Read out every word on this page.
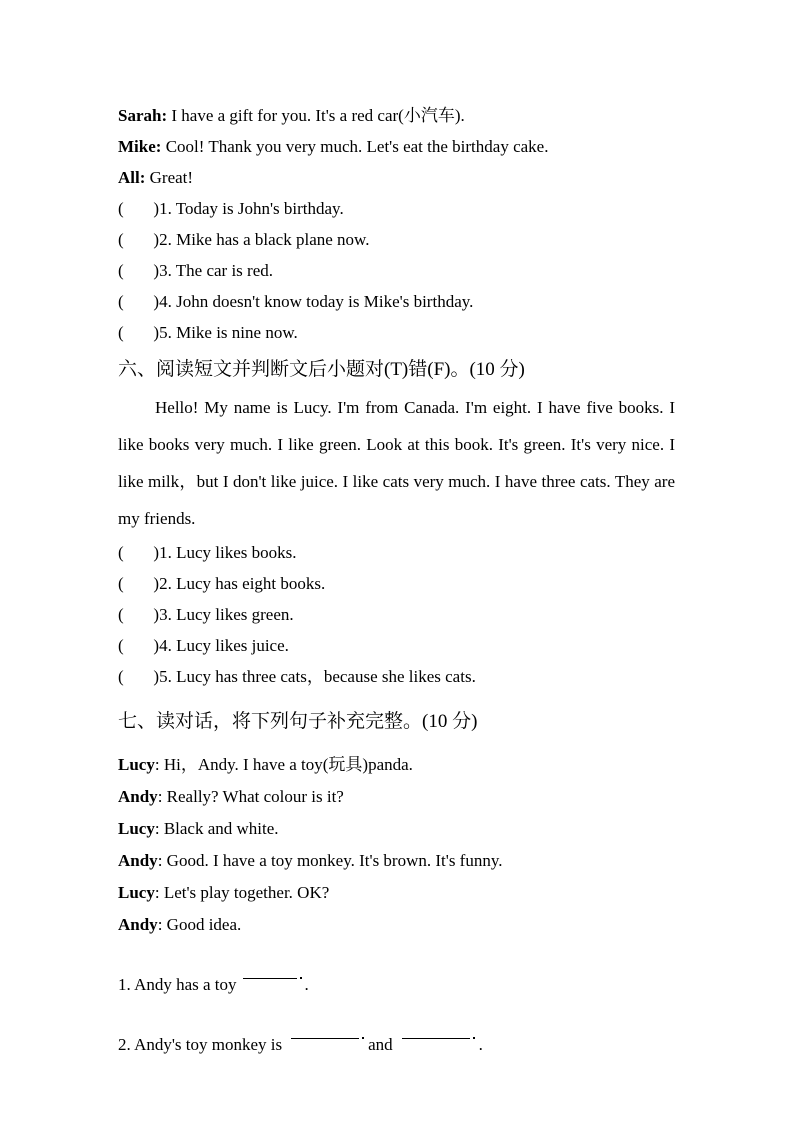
Sarah: I have a gift for you. It's a red car(小汽车).
Mike: Cool! Thank you very much. Let's eat the birthday cake.
All: Great!
(       )1. Today is John's birthday.
(       )2. Mike has a black plane now.
(       )3. The car is red.
(       )4. John doesn't know today is Mike's birthday.
(       )5. Mike is nine now.
六、阅读短文并判断文后小题对(T)错(F)。(10 分)

Hello! My name is Lucy. I'm from Canada. I'm eight. I have five books. I like books very much. I like green. Look at this book. It's green. It's very nice. I like milk，but I don't like juice. I like cats very much. I have three cats. They are my friends.

(       )1. Lucy likes books.
(       )2. Lucy has eight books.
(       )3. Lucy likes green.
(       )4. Lucy likes juice.
(       )5. Lucy has three cats，because she likes cats.
七、读对话，将下列句子补充完整。(10 分)
Lucy: Hi，Andy. I have a toy(玩具)panda.
Andy: Really? What colour is it?
Lucy: Black and white.
Andy: Good. I have a toy monkey. It's brown. It's funny.
Lucy: Let's play together. OK?
Andy: Good idea.
1. Andy has a toy	.
2. Andy's toy monkey is	and	.
